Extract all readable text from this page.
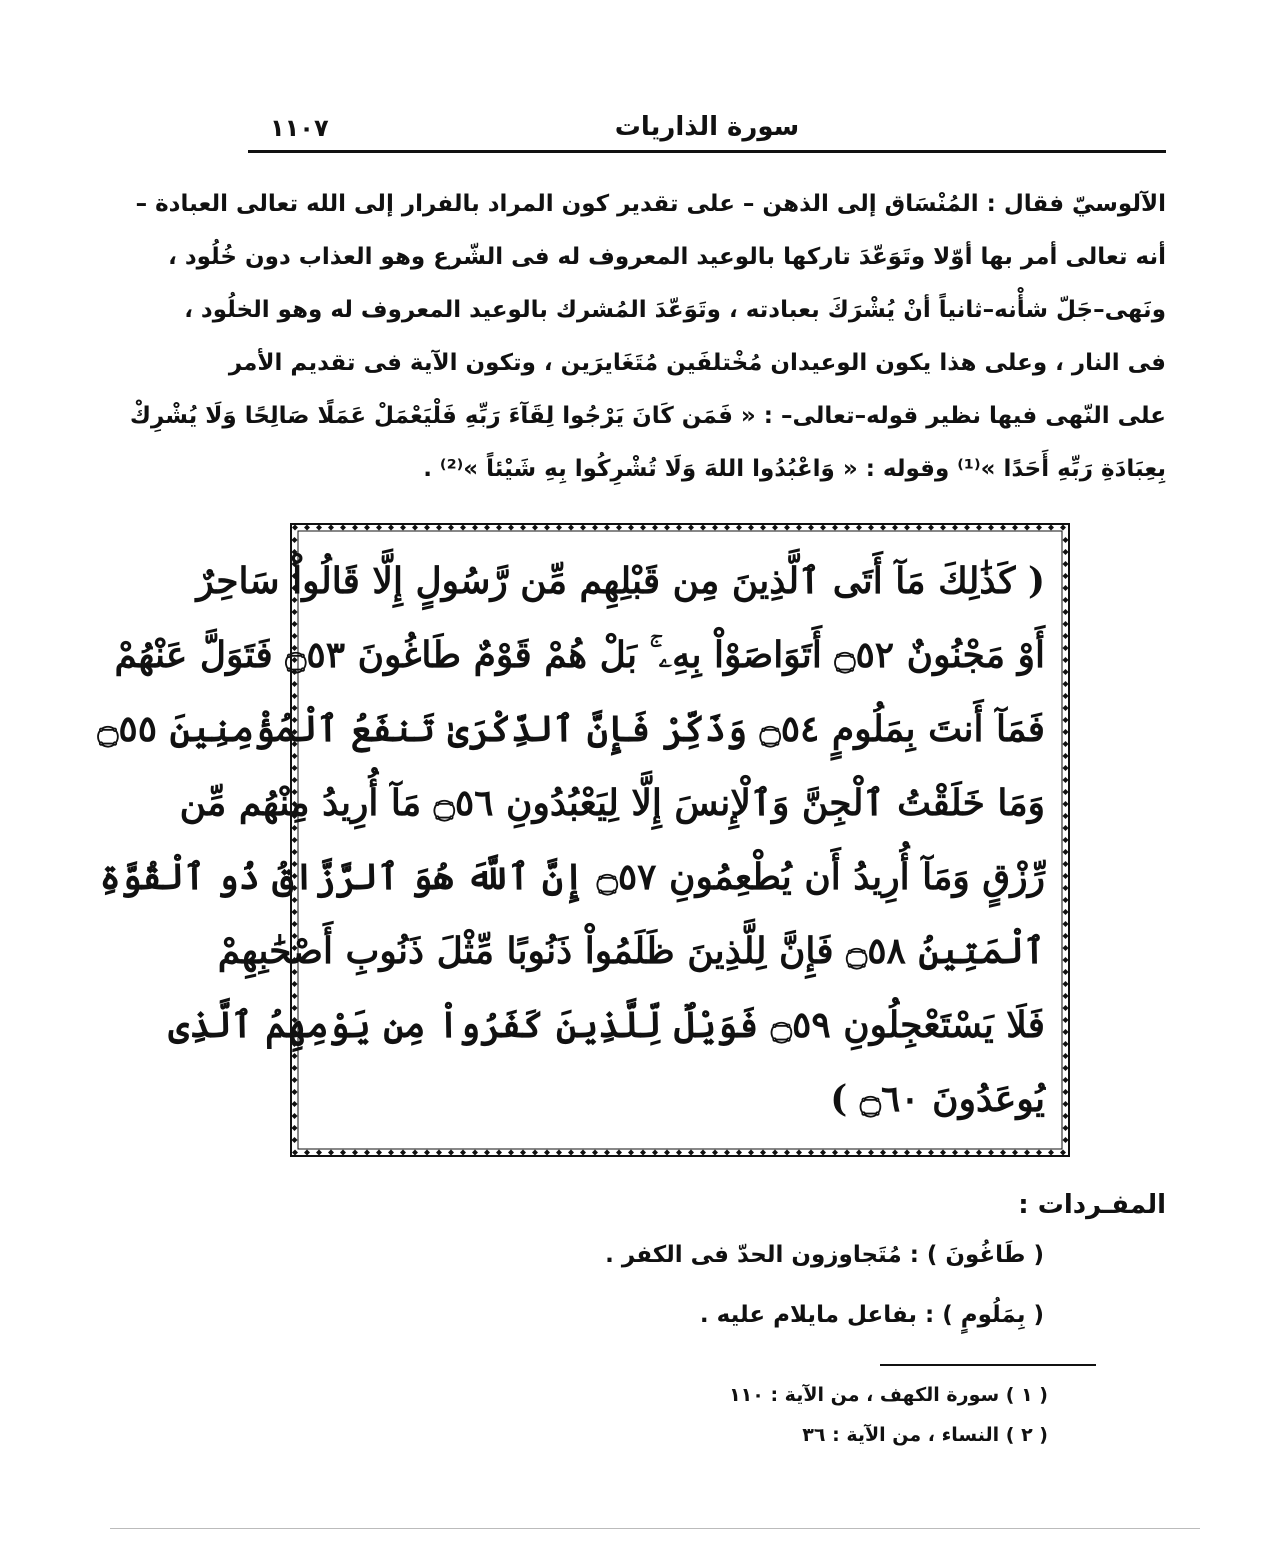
١١٠٧	سورة الذاريات
الآلوسيّ فقال : المُنْسَاق إلى الذهن – على تقدير كون المراد بالفرار إلى الله تعالى العبادة –
أنه تعالى أمر بها أوّلا وتَوَعّدَ تاركها بالوعيد المعروف له فى الشّرع وهو العذاب دون خُلُود ،
ونَهى–جَلّ شأْنه–ثانياً أنْ يُشْرَكَ بعبادته ، وتَوَعّدَ المُشرك بالوعيد المعروف له وهو الخلُود ،
فى النار ، وعلى هذا يكون الوعيدان مُخْتلفَين مُتَغَايرَين ، وتكون الآية فى تقديم الأمر
على النّهى فيها نظير قوله–تعالى– : « فَمَن كَانَ يَرْجُوا لِقَآءَ رَبِّهِ فَلْيَعْمَلْ عَمَلًا صَالِحًا وَلَا يُشْرِكْ
بِعِبَادَةِ رَبِّهِ أَحَدًا »⁽¹⁾ وقوله : « وَاعْبُدُوا اللهَ وَلَا تُشْرِكُوا بِهِ شَيْئاً »⁽²⁾ .
( كَذَٰلِكَ مَآ أَتَى ٱلَّذِينَ مِن قَبْلِهِم مِّن رَّسُولٍ إِلَّا قَالُواْ سَاحِرٌ
أَوْ مَجْنُونٌ ۝٥٢ أَتَوَاصَوْاْ بِهِۦ ۚ بَلْ هُمْ قَوْمٌ طَاغُونَ ۝٥٣ فَتَوَلَّ عَنْهُمْ
فَمَآ أَنتَ بِمَلُومٍ ۝٥٤ وَذَكِّرْ فَإِنَّ ٱلذِّكْرَىٰ تَنفَعُ ٱلْمُؤْمِنِينَ ۝٥٥
وَمَا خَلَقْتُ ٱلْجِنَّ وَٱلْإِنسَ إِلَّا لِيَعْبُدُونِ ۝٥٦ مَآ أُرِيدُ مِنْهُم مِّن
رِّزْقٍ وَمَآ أُرِيدُ أَن يُطْعِمُونِ ۝٥٧ إِنَّ ٱللَّهَ هُوَ ٱلرَّزَّاقُ ذُو ٱلْقُوَّةِ
ٱلْمَتِينُ ۝٥٨ فَإِنَّ لِلَّذِينَ ظَلَمُواْ ذَنُوبًا مِّثْلَ ذَنُوبِ أَصْحَٰبِهِمْ
فَلَا يَسْتَعْجِلُونِ ۝٥٩ فَوَيْلٌ لِّلَّذِينَ كَفَرُواْ مِن يَوْمِهِمُ ٱلَّذِى
يُوعَدُونَ ۝٦٠ )
المفـردات :
( طَاغُونَ ) : مُتَجاوزون الحدّ فى الكفر .
( بِمَلُومٍ ) : بفاعل مايلام عليه .
( ١ ) سورة الكهف ، من الآية : ١١٠
( ٢ ) النساء ، من الآية : ٣٦
